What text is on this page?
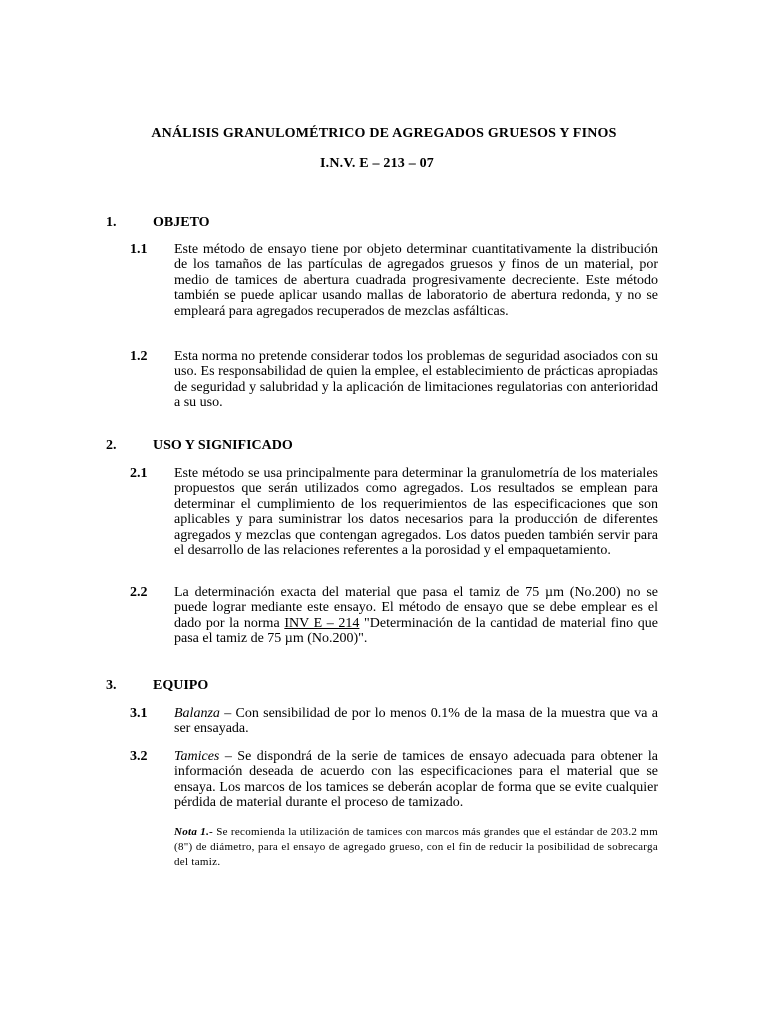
ANÁLISIS GRANULOMÉTRICO DE AGREGADOS GRUESOS Y FINOS
I.N.V. E – 213 – 07
1.	OBJETO
1.1 Este método de ensayo tiene por objeto determinar cuantitativamente la distribución de los tamaños de las partículas de agregados gruesos y finos de un material, por medio de tamices de abertura cuadrada progresivamente decreciente. Este método también se puede aplicar usando mallas de laboratorio de abertura redonda, y no se empleará para agregados recuperados de mezclas asfálticas.
1.2 Esta norma no pretende considerar todos los problemas de seguridad asociados con su uso. Es responsabilidad de quien la emplee, el establecimiento de prácticas apropiadas de seguridad y salubridad y la aplicación de limitaciones regulatorias con anterioridad a su uso.
2.	USO Y SIGNIFICADO
2.1 Este método se usa principalmente para determinar la granulometría de los materiales propuestos que serán utilizados como agregados. Los resultados se emplean para determinar el cumplimiento de los requerimientos de las especificaciones que son aplicables y para suministrar los datos necesarios para la producción de diferentes agregados y mezclas que contengan agregados. Los datos pueden también servir para el desarrollo de las relaciones referentes a la porosidad y el empaquetamiento.
2.2 La determinación exacta del material que pasa el tamiz de 75 µm (No.200) no se puede lograr mediante este ensayo. El método de ensayo que se debe emplear es el dado por la norma INV E – 214 "Determinación de la cantidad de material fino que pasa el tamiz de 75 µm (No.200)".
3.	EQUIPO
3.1 Balanza – Con sensibilidad de por lo menos 0.1% de la masa de la muestra que va a ser ensayada.
3.2 Tamices – Se dispondrá de la serie de tamices de ensayo adecuada para obtener la información deseada de acuerdo con las especificaciones para el material que se ensaya. Los marcos de los tamices se deberán acoplar de forma que se evite cualquier pérdida de material durante el proceso de tamizado.
Nota 1.- Se recomienda la utilización de tamices con marcos más grandes que el estándar de 203.2 mm (8") de diámetro, para el ensayo de agregado grueso, con el fin de reducir la posibilidad de sobrecarga del tamiz.
